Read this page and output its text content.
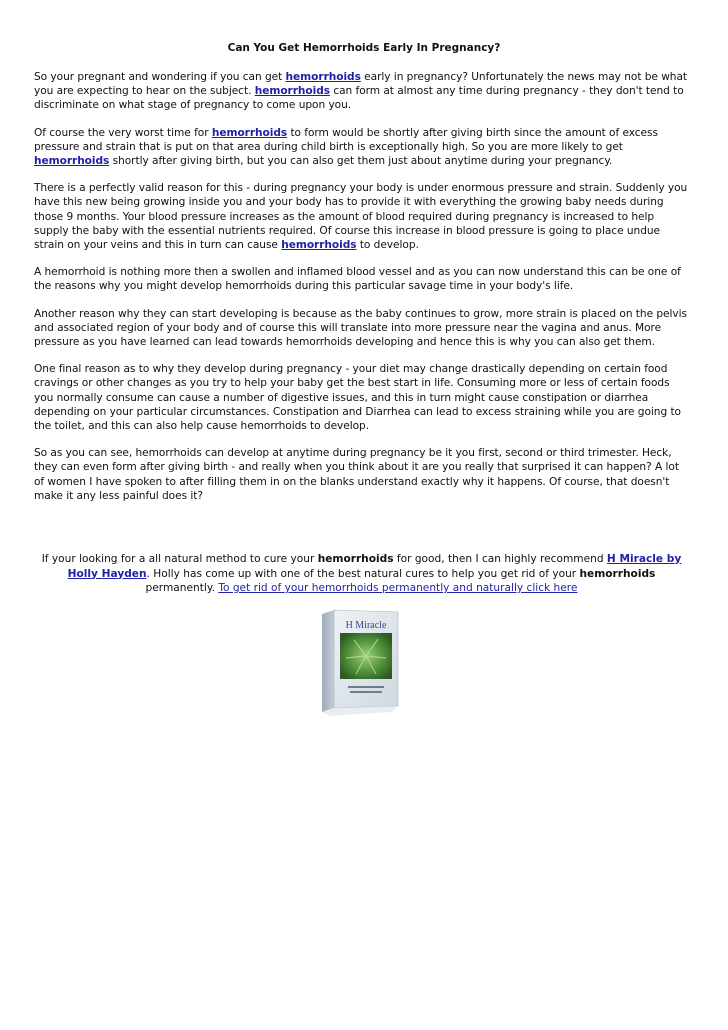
Can You Get Hemorrhoids Early In Pregnancy?

So your pregnant and wondering if you can get hemorrhoids early in pregnancy? Unfortunately the news may not be what you are expecting to hear on the subject. hemorrhoids can form at almost any time during pregnancy - they don't tend to discriminate on what stage of pregnancy to come upon you.

Of course the very worst time for hemorrhoids to form would be shortly after giving birth since the amount of excess pressure and strain that is put on that area during child birth is exceptionally high. So you are more likely to get hemorrhoids shortly after giving birth, but you can also get them just about anytime during your pregnancy.

There is a perfectly valid reason for this - during pregnancy your body is under enormous pressure and strain. Suddenly you have this new being growing inside you and your body has to provide it with everything the growing baby needs during those 9 months. Your blood pressure increases as the amount of blood required during pregnancy is increased to help supply the baby with the essential nutrients required. Of course this increase in blood pressure is going to place undue strain on your veins and this in turn can cause hemorrhoids to develop.

A hemorrhoid is nothing more then a swollen and inflamed blood vessel and as you can now understand this can be one of the reasons why you might develop hemorrhoids during this particular savage time in your body's life.

Another reason why they can start developing is because as the baby continues to grow, more strain is placed on the pelvis and associated region of your body and of course this will translate into more pressure near the vagina and anus. More pressure as you have learned can lead towards hemorrhoids developing and hence this is why you can also get them.

One final reason as to why they develop during pregnancy - your diet may change drastically depending on certain food cravings or other changes as you try to help your baby get the best start in life. Consuming more or less of certain foods you normally consume can cause a number of digestive issues, and this in turn might cause constipation or diarrhea depending on your particular circumstances. Constipation and Diarrhea can lead to excess straining while you are going to the toilet, and this can also help cause hemorrhoids to develop.

So as you can see, hemorrhoids can develop at anytime during pregnancy be it you first, second or third trimester. Heck, they can even form after giving birth - and really when you think about it are you really that surprised it can happen? A lot of women I have spoken to after filling them in on the blanks understand exactly why it happens. Of course, that doesn't make it any less painful does it?

If your looking for a all natural method to cure your hemorrhoids for good, then I can highly recommend H Miracle by Holly Hayden. Holly has come up with one of the best natural cures to help you get rid of your hemorrhoids permanently. To get rid of your hemorrhoids permanently and naturally click here
H Miracle
